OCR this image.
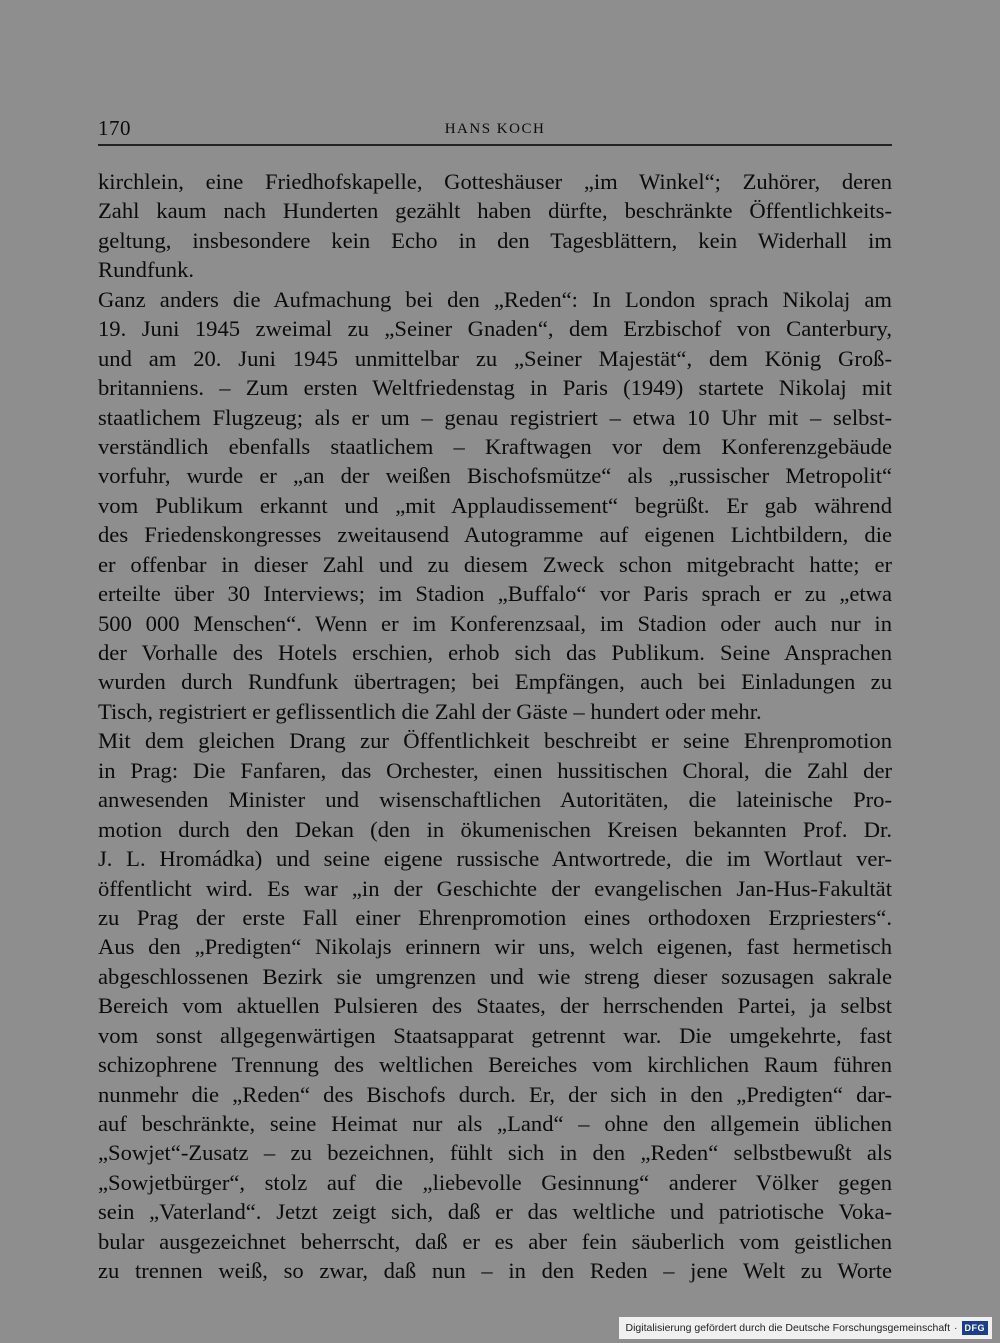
170	HANS KOCH
kirchlein, eine Friedhofskapelle, Gotteshäuser „im Winkel“; Zuhörer, deren
Zahl kaum nach Hunderten gezählt haben dürfte, beschränkte Öffentlichkeits-
geltung, insbesondere kein Echo in den Tagesblättern, kein Widerhall im
Rundfunk.
Ganz anders die Aufmachung bei den „Reden“: In London sprach Nikolaj am
19. Juni 1945 zweimal zu „Seiner Gnaden“, dem Erzbischof von Canterbury,
und am 20. Juni 1945 unmittelbar zu „Seiner Majestät“, dem König Groß-
britanniens. – Zum ersten Weltfriedenstag in Paris (1949) startete Nikolaj mit
staatlichem Flugzeug; als er um – genau registriert – etwa 10 Uhr mit – selbst-
verständlich ebenfalls staatlichem – Kraftwagen vor dem Konferenzgebäude
vorfuhr, wurde er „an der weißen Bischofsmütze“ als „russischer Metropolit“
vom Publikum erkannt und „mit Applaudissement“ begrüßt. Er gab während
des Friedenskongresses zweitausend Autogramme auf eigenen Lichtbildern, die
er offenbar in dieser Zahl und zu diesem Zweck schon mitgebracht hatte; er
erteilte über 30 Interviews; im Stadion „Buffalo“ vor Paris sprach er zu „etwa
500 000 Menschen“. Wenn er im Konferenzsaal, im Stadion oder auch nur in
der Vorhalle des Hotels erschien, erhob sich das Publikum. Seine Ansprachen
wurden durch Rundfunk übertragen; bei Empfängen, auch bei Einladungen zu
Tisch, registriert er geflissentlich die Zahl der Gäste – hundert oder mehr.
Mit dem gleichen Drang zur Öffentlichkeit beschreibt er seine Ehrenpromotion
in Prag: Die Fanfaren, das Orchester, einen hussitischen Choral, die Zahl der
anwesenden Minister und wisenschaftlichen Autoritäten, die lateinische Pro-
motion durch den Dekan (den in ökumenischen Kreisen bekannten Prof. Dr.
J. L. Hromádka) und seine eigene russische Antwortrede, die im Wortlaut ver-
öffentlicht wird. Es war „in der Geschichte der evangelischen Jan-Hus-Fakultät
zu Prag der erste Fall einer Ehrenpromotion eines orthodoxen Erzpriesters“.
Aus den „Predigten“ Nikolajs erinnern wir uns, welch eigenen, fast hermetisch
abgeschlossenen Bezirk sie umgrenzen und wie streng dieser sozusagen sakrale
Bereich vom aktuellen Pulsieren des Staates, der herrschenden Partei, ja selbst
vom sonst allgegenwärtigen Staatsapparat getrennt war. Die umgekehrte, fast
schizophrene Trennung des weltlichen Bereiches vom kirchlichen Raum führen
nunmehr die „Reden“ des Bischofs durch. Er, der sich in den „Predigten“ dar-
auf beschränkte, seine Heimat nur als „Land“ – ohne den allgemein üblichen
„Sowjet“-Zusatz – zu bezeichnen, fühlt sich in den „Reden“ selbstbewußt als
„Sowjetbürger“, stolz auf die „liebevolle Gesinnung“ anderer Völker gegen
sein „Vaterland“. Jetzt zeigt sich, daß er das weltliche und patriotische Voka-
bular ausgezeichnet beherrscht, daß er es aber fein säuberlich vom geistlichen
zu trennen weiß, so zwar, daß nun – in den Reden – jene Welt zu Worte
Digitalisierung gefördert durch die Deutsche Forschungsgemeinschaft · DFG
